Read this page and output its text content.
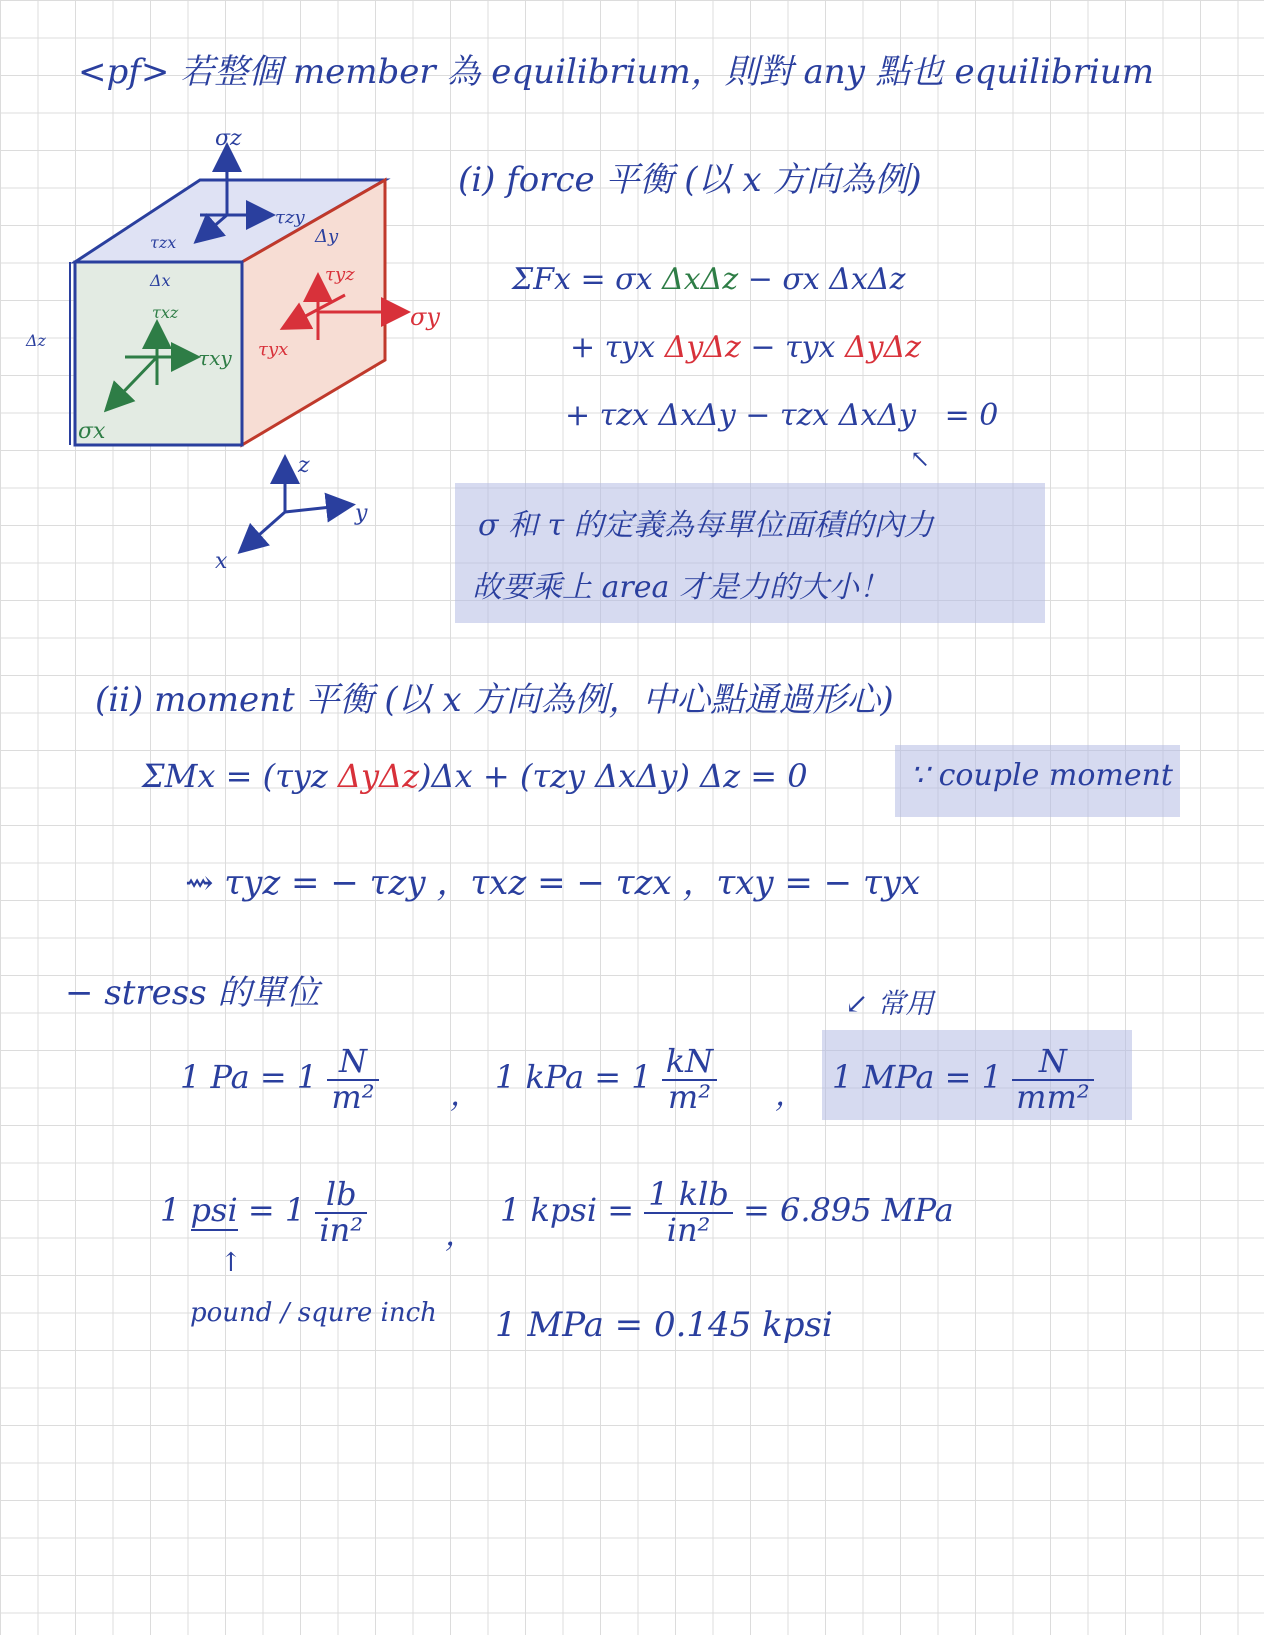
<pf> 若整個 member 為 equilibrium，則對 any 點也 equilibrium
σz
τzy
τzx	Δy
Δx	τyz
σy
τyx
τxz
τxy
σx
Δz
z
y
x
(i) force 平衡 (以 x 方向為例)
ΣFx = σx ΔxΔz − σx ΔxΔz
+ τyx ΔyΔz − τyx ΔyΔz
+ τzx ΔxΔy − τzx ΔxΔy = 0
↖
σ 和 τ 的定義為每單位面積的內力
故要乘上 area 才是力的大小！
(ii) moment 平衡 (以 x 方向為例，中心點通過形心)
ΣMx = (τyz ΔyΔz)Δx + (τzy ΔxΔy) Δz = 0	∵ couple moment
⇝ τyz = − τzy ，τxz = − τzx ，τxy = − τyx
− stress 的單位	↙ 常用
1 $Pa = 1 \frac{N}{\text{m²}}$ ， 1 kPa = $1 \frac{kN}{\text{m²}}$ ， 1 MPa = $1 \frac{N}{\text{mm²}}$
1 psi = $1 \frac{lb}{\text{in²}}$
↑
pound / squre inch
，
1 kpsi = $\frac{\text{1 klb}}{\text{in²}} = 6.895$ MPa
1 MPa = 0.145 kpsi
